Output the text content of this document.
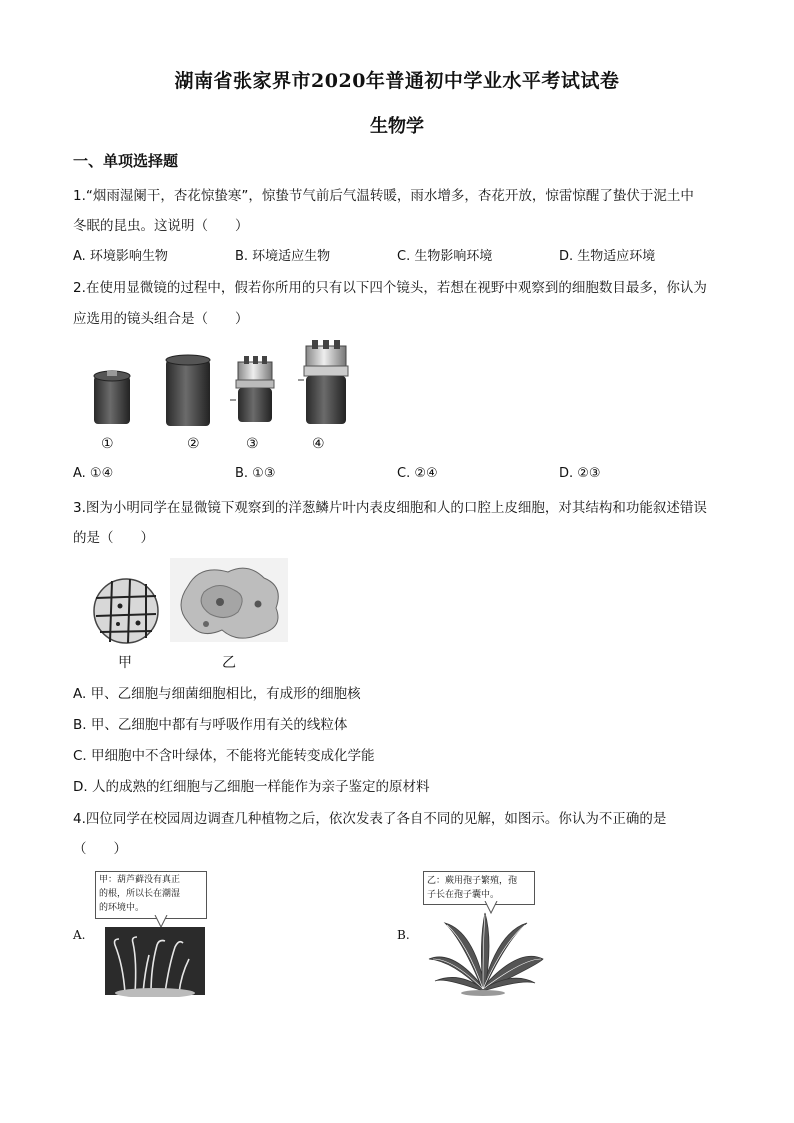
湖南省张家界市2020年普通初中学业水平考试试卷
生物学
一、单项选择题
1.“烟雨湿阑干，杏花惊蛰寒”，惊蛰节气前后气温转暖，雨水增多，杏花开放，惊雷惊醒了蛰伏于泥土中
冬眠的昆虫。这说明（　　）
A. 环境影响生物	B. 环境适应生物	C. 生物影响环境	D. 生物适应环境
2.在使用显微镜的过程中，假若你所用的只有以下四个镜头，若想在视野中观察到的细胞数目最多，你认为
应选用的镜头组合是（　　）
①	②	③	④
A. ①④	B. ①③	C. ②④	D. ②③
3.图为小明同学在显微镜下观察到的洋葱鳞片叶内表皮细胞和人的口腔上皮细胞，对其结构和功能叙述错误
的是（　　）
甲	乙
A. 甲、乙细胞与细菌细胞相比，有成形的细胞核
B. 甲、乙细胞中都有与呼吸作用有关的线粒体
C. 甲细胞中不含叶绿体，不能将光能转变成化学能
D. 人的成熟的红细胞与乙细胞一样能作为亲子鉴定的原材料
4.四位同学在校园周边调查几种植物之后，依次发表了各自不同的见解，如图示。你认为不正确的是
（　　）
A.
甲：葫芦藓没有真正
的根，所以长在潮湿
的环境中。
B.
乙：蕨用孢子繁殖，孢
子长在孢子囊中。
